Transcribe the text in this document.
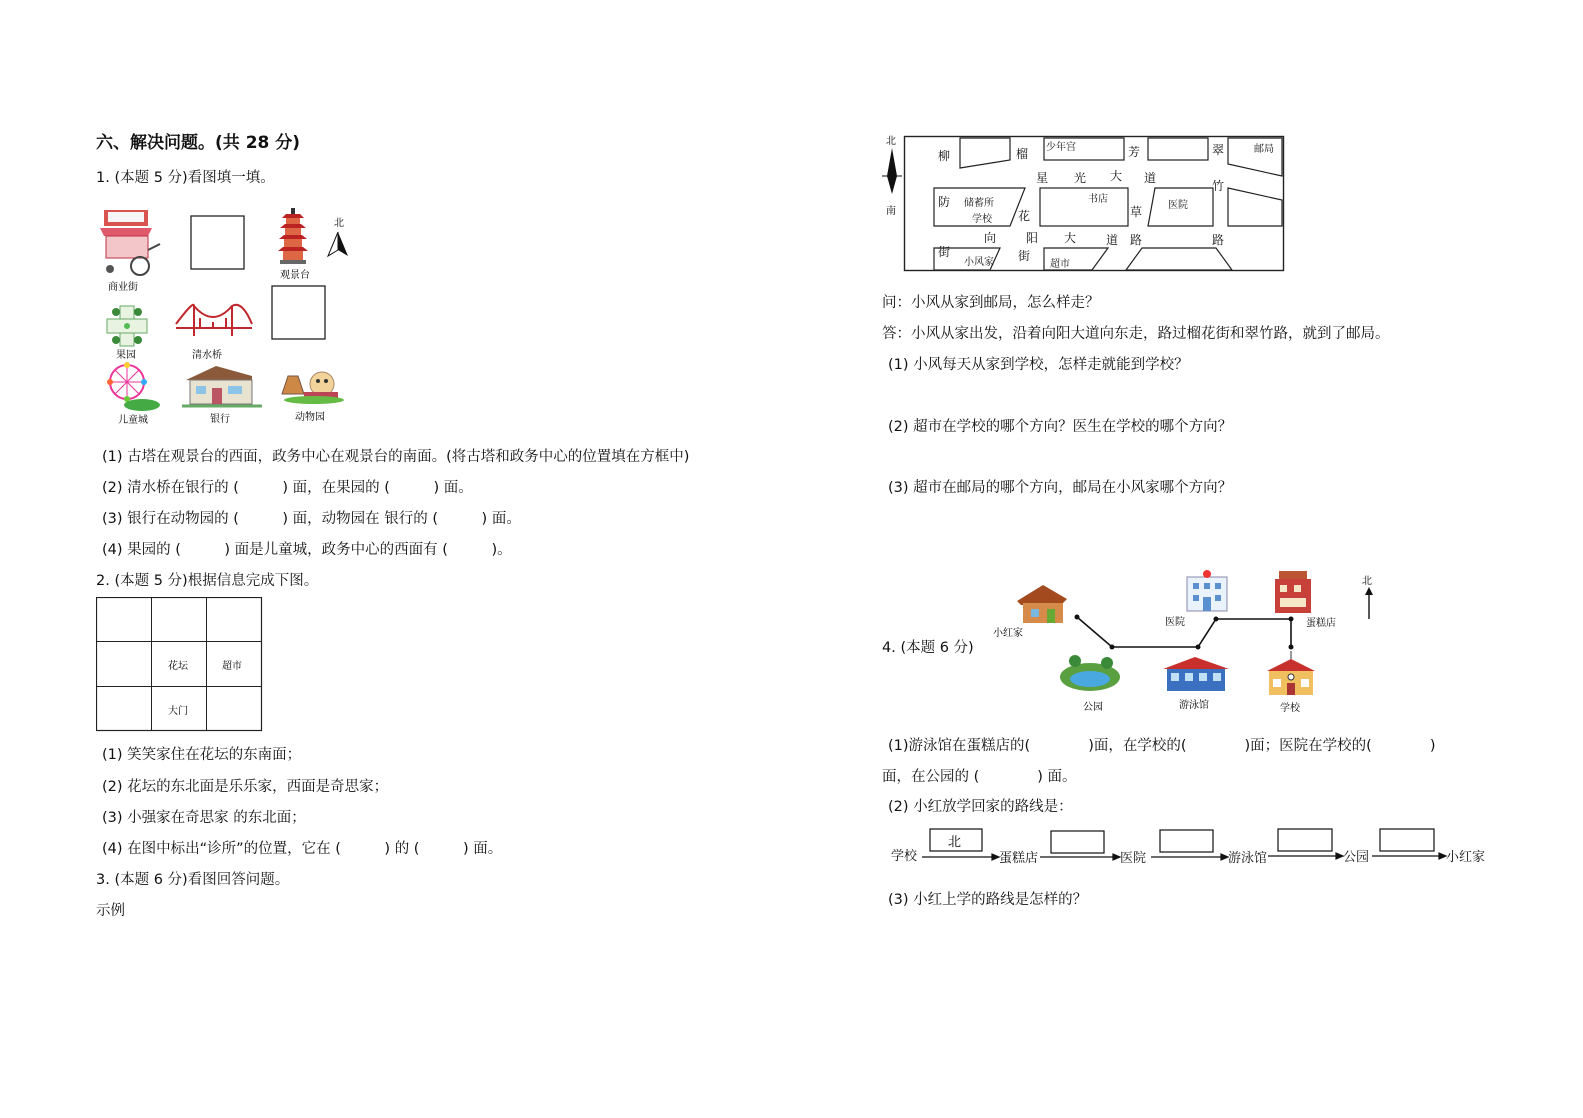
六、解决问题。(共 28 分)
1. (本题 5 分)看图填一填。
商业街
观景台
北
果园	清水桥
儿童城	银行	动物园
(1) 古塔在观景台的西面，政务中心在观景台的南面。(将古塔和政务中心的位置填在方框中)
(2) 清水桥在银行的 (　　　) 面，在果园的 (　　　) 面。
(3) 银行在动物园的 (　　　) 面，动物园在 银行的 (　　　) 面。
(4) 果园的 (　　　) 面是儿童城，政务中心的西面有 (　　　)。
2. (本题 5 分)根据信息完成下图。
花坛	超市
大门
(1) 笑笑家住在花坛的东南面；
(2) 花坛的东北面是乐乐家，西面是奇思家；
(3) 小强家在奇思家 的东北面；
(4) 在图中标出“诊所”的位置，它在 (　　　) 的 (　　　) 面。
3. (本题 6 分)看图回答问题。
示例
北
南
柳	榴 少年宫	芳	翠	邮局
星 光 大 道
竹
防 储蓄所	书店
草	医院
学校 花
向 阳 大 道 路	路
街	街
小风家	超市
问：小风从家到邮局，怎么样走？
答：小风从家出发，沿着向阳大道向东走，路过榴花街和翠竹路，就到了邮局。
(1) 小风每天从家到学校，怎样走就能到学校？
(2) 超市在学校的哪个方向？医生在学校的哪个方向？
(3) 超市在邮局的哪个方向，邮局在小风家哪个方向？
4. (本题 6 分)
小红家
医院	蛋糕店
北
公园	游泳馆	学校
(1)游泳馆在蛋糕店的(　　　　)面，在学校的(　　　　)面；医院在学校的(　　　　)
面，在公园的 (　　　　) 面。
(2) 小红放学回家的路线是：
学校	蛋糕店	医院	游泳馆	公园	小红家
北
(3) 小红上学的路线是怎样的？
